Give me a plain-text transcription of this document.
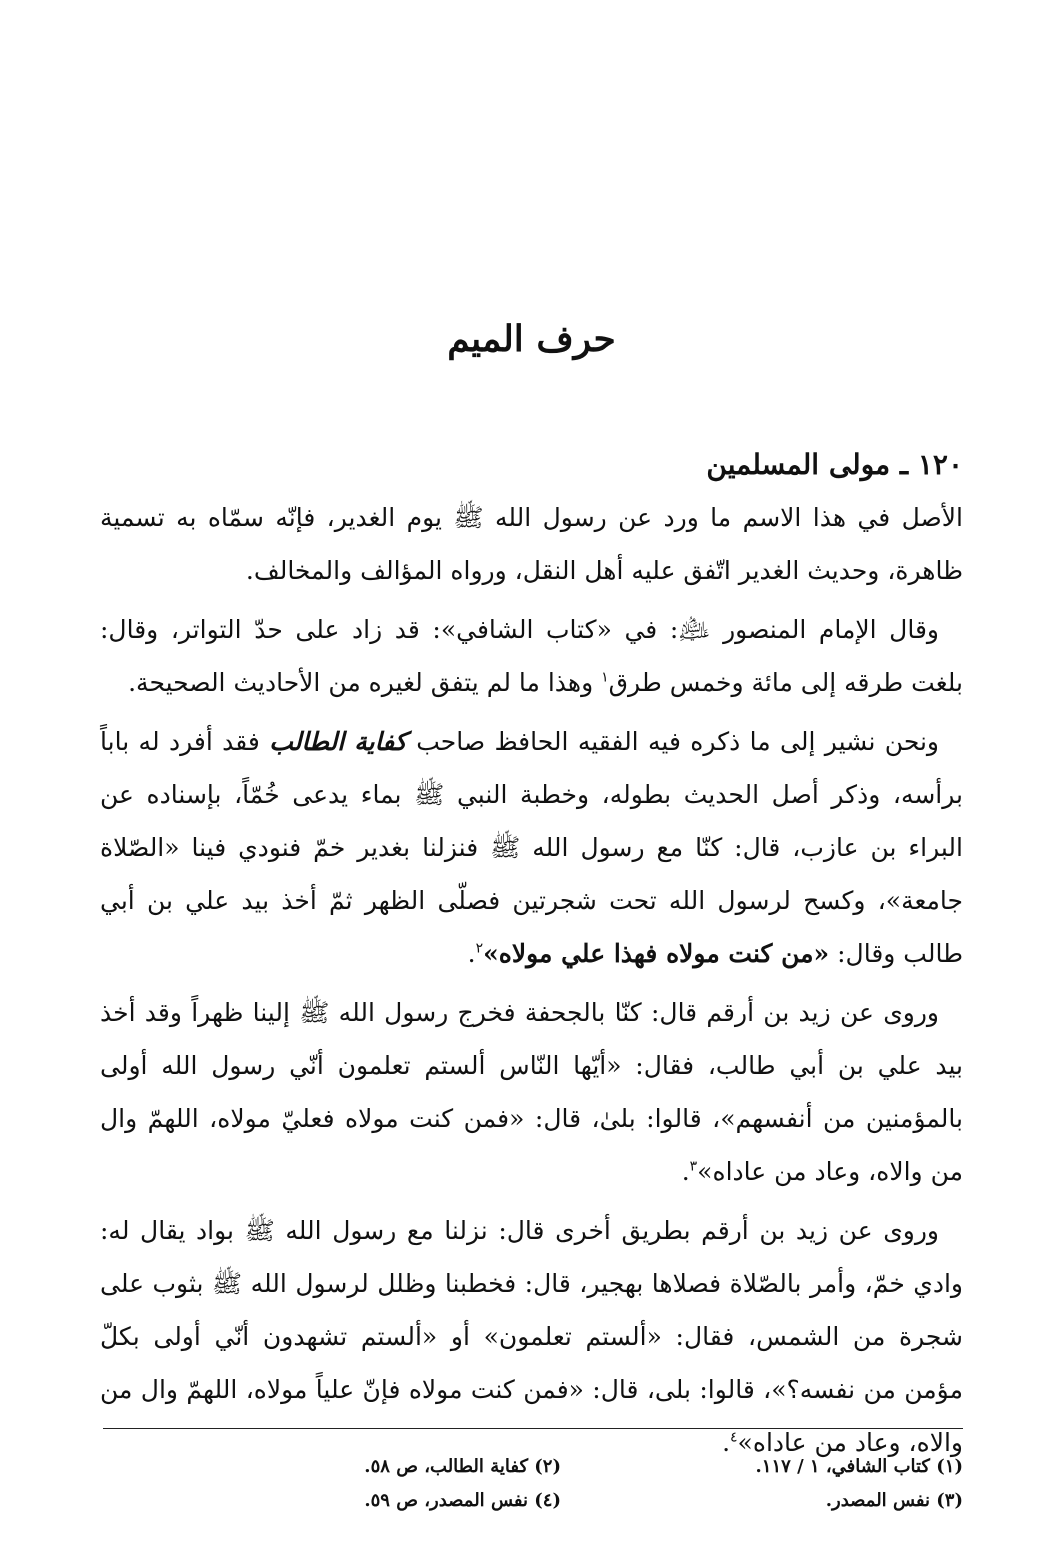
حرف الميم

١٢٠ ـ مولى المسلمين

الأصل في هذا الاسم ما ورد عن رسول الله ﷺ يوم الغدير، فإنّه سمّاه به تسمية ظاهرة، وحديث الغدير اتّفق عليه أهل النقل، ورواه المؤالف والمخالف.

وقال الإمام المنصور ﵇: في «كتاب الشافي»: قد زاد على حدّ التواتر، وقال: بلغت طرقه إلى مائة وخمس طرق$^١$ وهذا ما لم يتفق لغيره من الأحاديث الصحيحة.

ونحن نشير إلى ما ذكره فيه الفقيه الحافظ صاحب كفاية الطالب فقد أفرد له باباً برأسه، وذكر أصل الحديث بطوله، وخطبة النبي ﷺ بماء يدعى خُمّاً، بإسناده عن البراء بن عازب، قال: كنّا مع رسول الله ﷺ فنزلنا بغدير خمّ فنودي فينا «الصّلاة جامعة»، وكسح لرسول الله تحت شجرتين فصلّى الظهر ثمّ أخذ بيد علي بن أبي طالب وقال: «من كنت مولاه فهذا علي مولاه»$^٢$.

وروى عن زيد بن أرقم قال: كنّا بالجحفة فخرج رسول الله ﷺ إلينا ظهراً وقد أخذ بيد علي بن أبي طالب، فقال: «أيّها النّاس ألستم تعلمون أنّي رسول الله أولى بالمؤمنين من أنفسهم»، قالوا: بلىٰ، قال: «فمن كنت مولاه فعليّ مولاه، اللهمّ وال من والاه، وعاد من عاداه»$^٣$.

وروى عن زيد بن أرقم بطريق أخرى قال: نزلنا مع رسول الله ﷺ بواد يقال له: وادي خمّ، وأمر بالصّلاة فصلاها بهجير، قال: فخطبنا وظلل لرسول الله ﷺ بثوب على شجرة من الشمس، فقال: «ألستم تعلمون» أو «ألستم تشهدون أنّي أولى بكلّ مؤمن من نفسه؟»، قالوا: بلى، قال: «فمن كنت مولاه فإنّ علياً مولاه، اللهمّ وال من والاه، وعاد من عاداه»$^٤$.

(١) كتاب الشافي، ١ / ١١٧.
(٢) كفاية الطالب، ص ٥٨.
(٣) نفس المصدر.
(٤) نفس المصدر، ص ٥٩.
